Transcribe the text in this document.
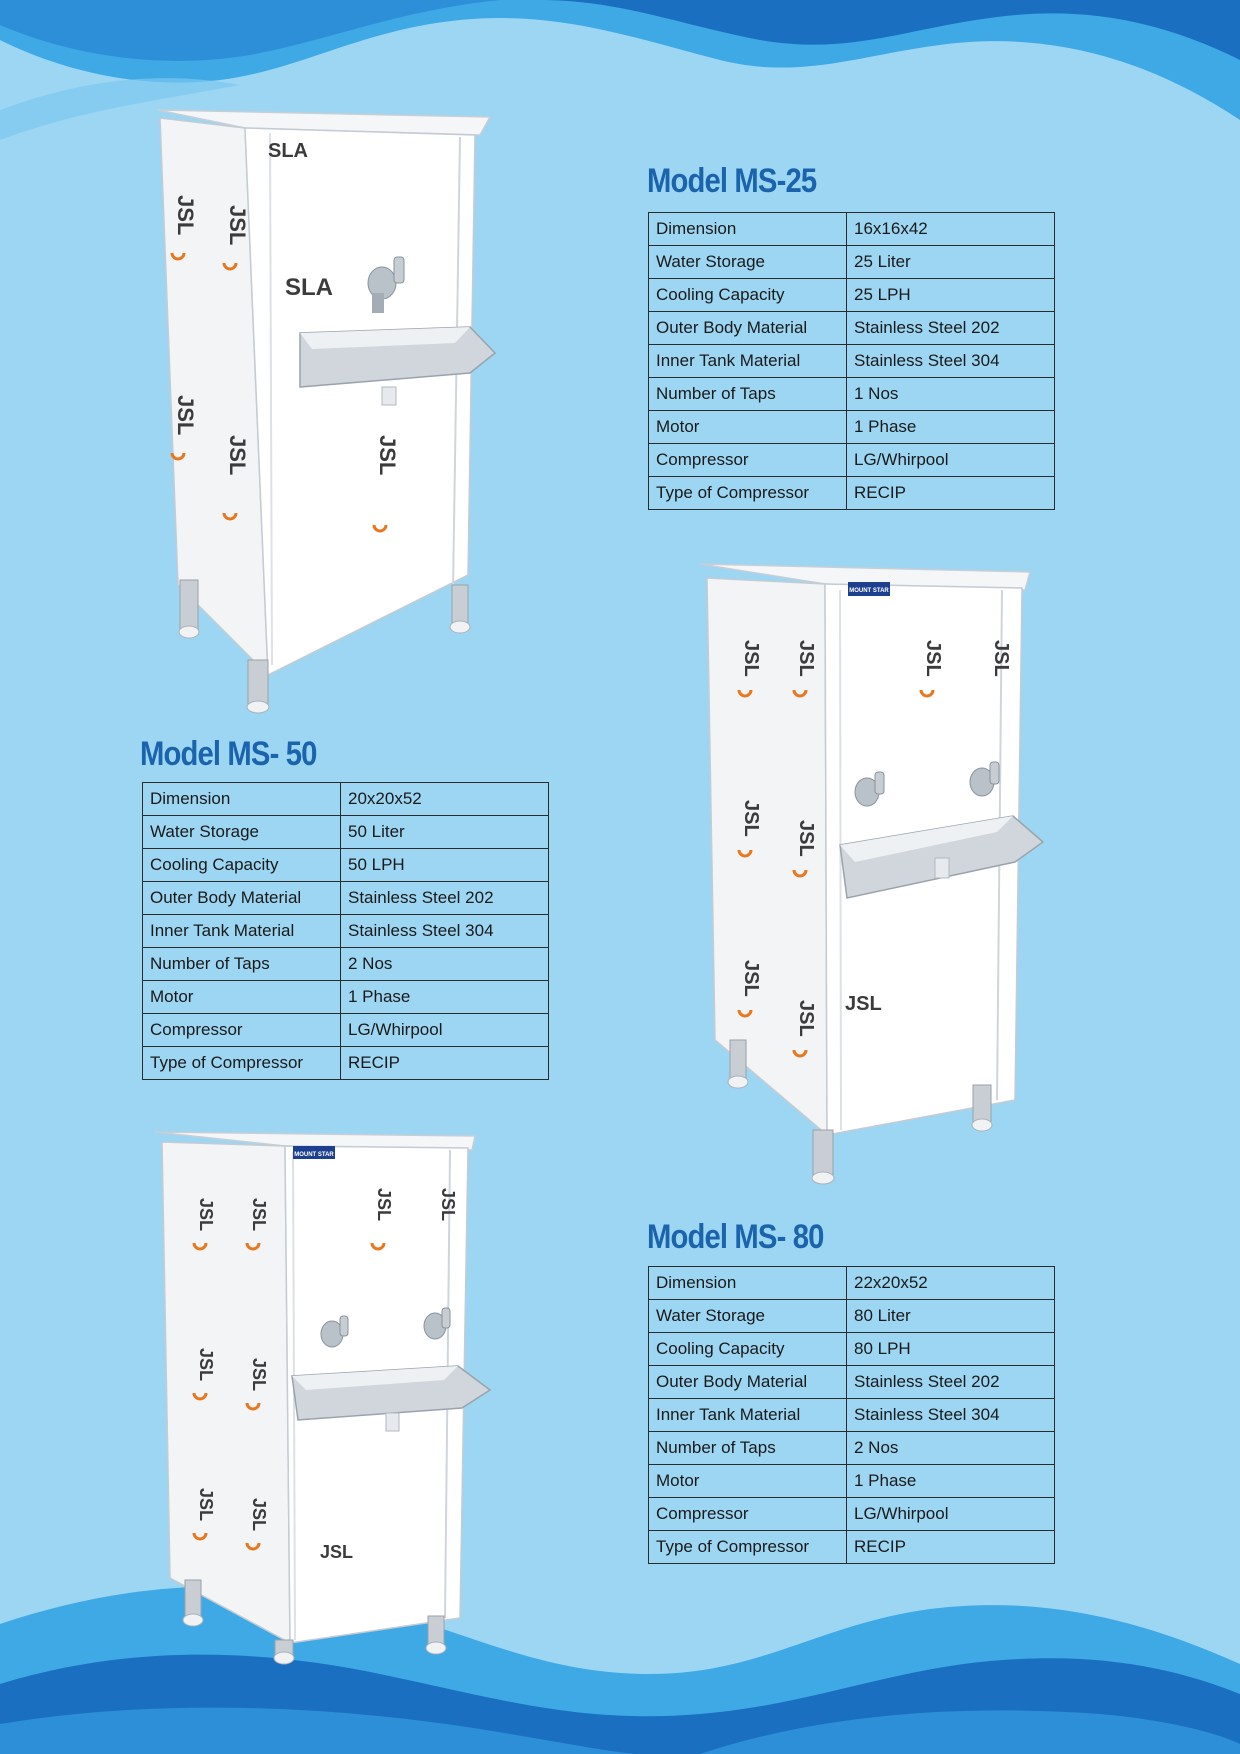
JSL
JSL
JSL
JSL	JSL
SLA
SLA
MOUNT STAR
JSL
JSL
JSL
JSL
JSL
JSL
JSL JSL
JSL
MOUNT STAR
JSL
JSL
JSL
JSL
JSL
JSL
JSL JSL
JSL
Model MS-25
Dimension	16x16x42
Water Storage	25 Liter
Cooling Capacity	25 LPH
Outer Body Material	Stainless Steel 202
Inner Tank Material	Stainless Steel 304
Number of Taps	1 Nos
Motor	1 Phase
Compressor	LG/Whirpool
Type of Compressor	RECIP
Model MS- 50
Dimension	20x20x52
Water Storage	50 Liter
Cooling Capacity	50 LPH
Outer Body Material	Stainless Steel 202
Inner Tank Material	Stainless Steel 304
Number of Taps	2 Nos
Motor	1 Phase
Compressor	LG/Whirpool
Type of Compressor	RECIP
Model MS- 80
Dimension	22x20x52
Water Storage	80 Liter
Cooling Capacity	80 LPH
Outer Body Material	Stainless Steel 202
Inner Tank Material	Stainless Steel 304
Number of Taps	2 Nos
Motor	1 Phase
Compressor	LG/Whirpool
Type of Compressor	RECIP
